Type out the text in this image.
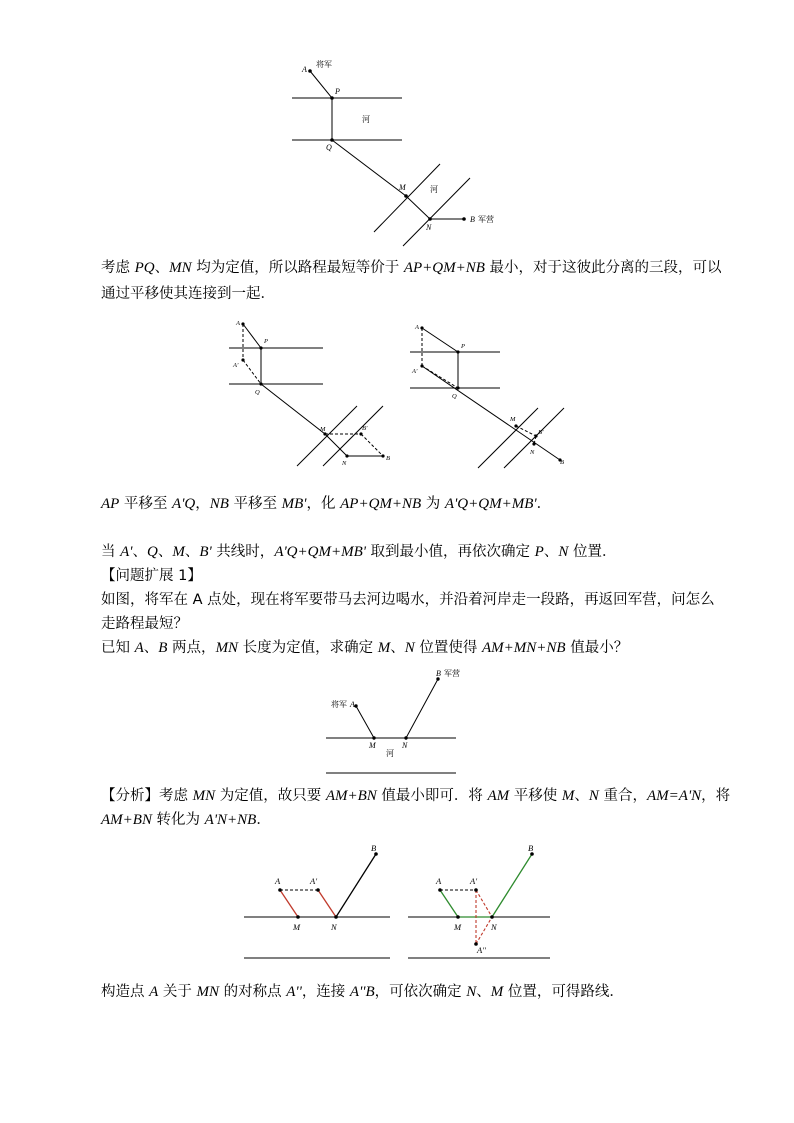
A
将军
P
河
Q
M	河
N
B 军营
考虑 PQ、MN 均为定值，所以路程最短等价于 AP+QM+NB 最小，对于这彼此分离的三段，可以
通过平移使其连接到一起．
A
A'
P
Q
M	B'
N
B
A
A'
P
Q
M
B'
N
B
AP 平移至 A'Q，NB 平移至 MB'，化 AP+QM+NB 为 A'Q+QM+MB'．
当 A'、Q、M、B' 共线时，A'Q+QM+MB' 取到最小值，再依次确定 P、N 位置．
【问题扩展 1】
如图，将军在 A 点处，现在将军要带马去河边喝水，并沿着河岸走一段路，再返回军营，问怎么
走路程最短？
已知 A、B 两点，MN 长度为定值，求确定 M、N 位置使得 AM+MN+NB 值最小？
将军 A
M	N
B 军营
河
【分析】考虑 MN 为定值，故只要 AM+BN 值最小即可．将 AM 平移使 M、N 重合，AM=A'N，将
AM+BN 转化为 A'N+NB．
A	A'
B
M	N
A	A'
B
M	N
A''
构造点 A 关于 MN 的对称点 A''，连接 A''B，可依次确定 N、M 位置，可得路线．
